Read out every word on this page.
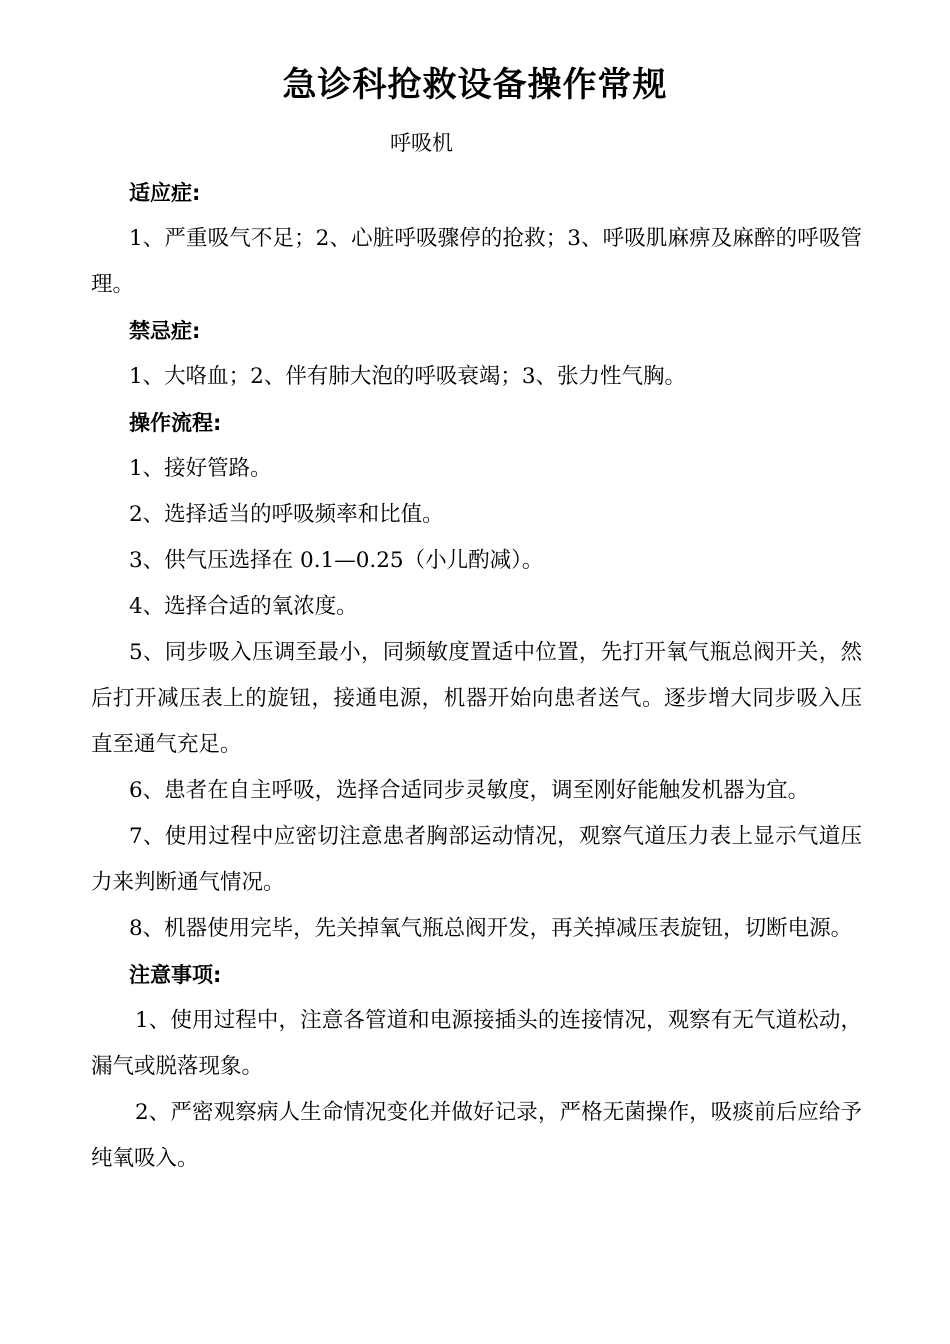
急诊科抢救设备操作常规

呼吸机

适应症:

1、严重吸气不足；2、心脏呼吸骤停的抢救；3、呼吸肌麻痹及麻醉的呼吸管理。

禁忌症:

1、大咯血；2、伴有肺大泡的呼吸衰竭；3、张力性气胸。

操作流程:

1、接好管路。

2、选择适当的呼吸频率和比值。

3、供气压选择在 0.1—0.25（小儿酌减）。

4、选择合适的氧浓度。

5、同步吸入压调至最小，同频敏度置适中位置，先打开氧气瓶总阀开关，然后打开减压表上的旋钮，接通电源，机器开始向患者送气。逐步增大同步吸入压直至通气充足。

6、患者在自主呼吸，选择合适同步灵敏度，调至刚好能触发机器为宜。

7、使用过程中应密切注意患者胸部运动情况，观察气道压力表上显示气道压力来判断通气情况。

8、机器使用完毕，先关掉氧气瓶总阀开发，再关掉减压表旋钮，切断电源。

注意事项:

1、使用过程中，注意各管道和电源接插头的连接情况，观察有无气道松动，漏气或脱落现象。

2、严密观察病人生命情况变化并做好记录，严格无菌操作，吸痰前后应给予纯氧吸入。
